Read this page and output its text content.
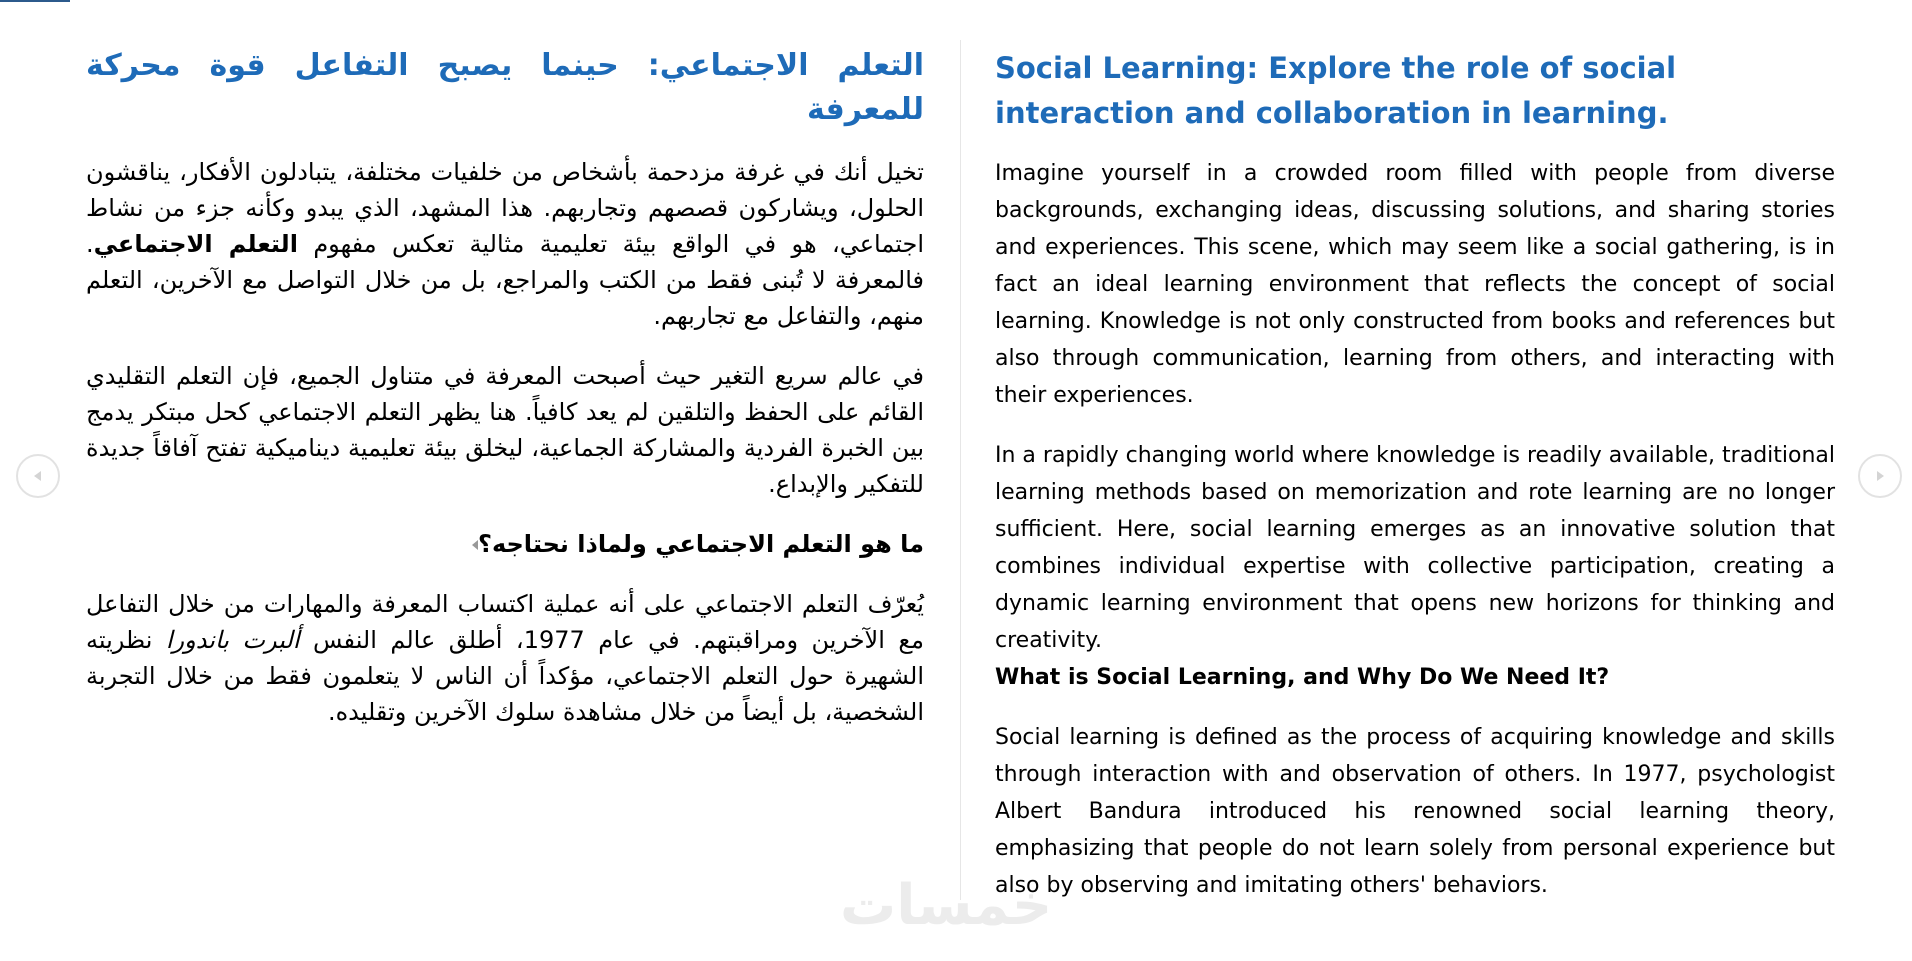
التعلم الاجتماعي: حينما يصبح التفاعل قوة محركة للمعرفة

تخيل أنك في غرفة مزدحمة بأشخاص من خلفيات مختلفة، يتبادلون الأفكار، يناقشون الحلول، ويشاركون قصصهم وتجاربهم. هذا المشهد، الذي يبدو وكأنه جزء من نشاط اجتماعي، هو في الواقع بيئة تعليمية مثالية تعكس مفهوم التعلم الاجتماعي. فالمعرفة لا تُبنى فقط من الكتب والمراجع، بل من خلال التواصل مع الآخرين، التعلم منهم، والتفاعل مع تجاربهم.

في عالم سريع التغير حيث أصبحت المعرفة في متناول الجميع، فإن التعلم التقليدي القائم على الحفظ والتلقين لم يعد كافياً. هنا يظهر التعلم الاجتماعي كحل مبتكر يدمج بين الخبرة الفردية والمشاركة الجماعية، ليخلق بيئة تعليمية ديناميكية تفتح آفاقاً جديدة للتفكير والإبداع.

ما هو التعلم الاجتماعي ولماذا نحتاجه؟

يُعرّف التعلم الاجتماعي على أنه عملية اكتساب المعرفة والمهارات من خلال التفاعل مع الآخرين ومراقبتهم. في عام 1977، أطلق عالم النفس ألبرت باندورا نظريته الشهيرة حول التعلم الاجتماعي، مؤكداً أن الناس لا يتعلمون فقط من خلال التجربة الشخصية، بل أيضاً من خلال مشاهدة سلوك الآخرين وتقليده.

Social Learning: Explore the role of social interaction and collaboration in learning.

Imagine yourself in a crowded room filled with people from diverse backgrounds, exchanging ideas, discussing solutions, and sharing stories and experiences. This scene, which may seem like a social gathering, is in fact an ideal learning environment that reflects the concept of social learning. Knowledge is not only constructed from books and references but also through communication, learning from others, and interacting with their experiences.

In a rapidly changing world where knowledge is readily available, traditional learning methods based on memorization and rote learning are no longer sufficient. Here, social learning emerges as an innovative solution that combines individual expertise with collective participation, creating a dynamic learning environment that opens new horizons for thinking and creativity.

What is Social Learning, and Why Do We Need It?

Social learning is defined as the process of acquiring knowledge and skills through interaction with and observation of others. In 1977, psychologist Albert Bandura introduced his renowned social learning theory, emphasizing that people do not learn solely from personal experience but also by observing and imitating others' behaviors.

خمسات
